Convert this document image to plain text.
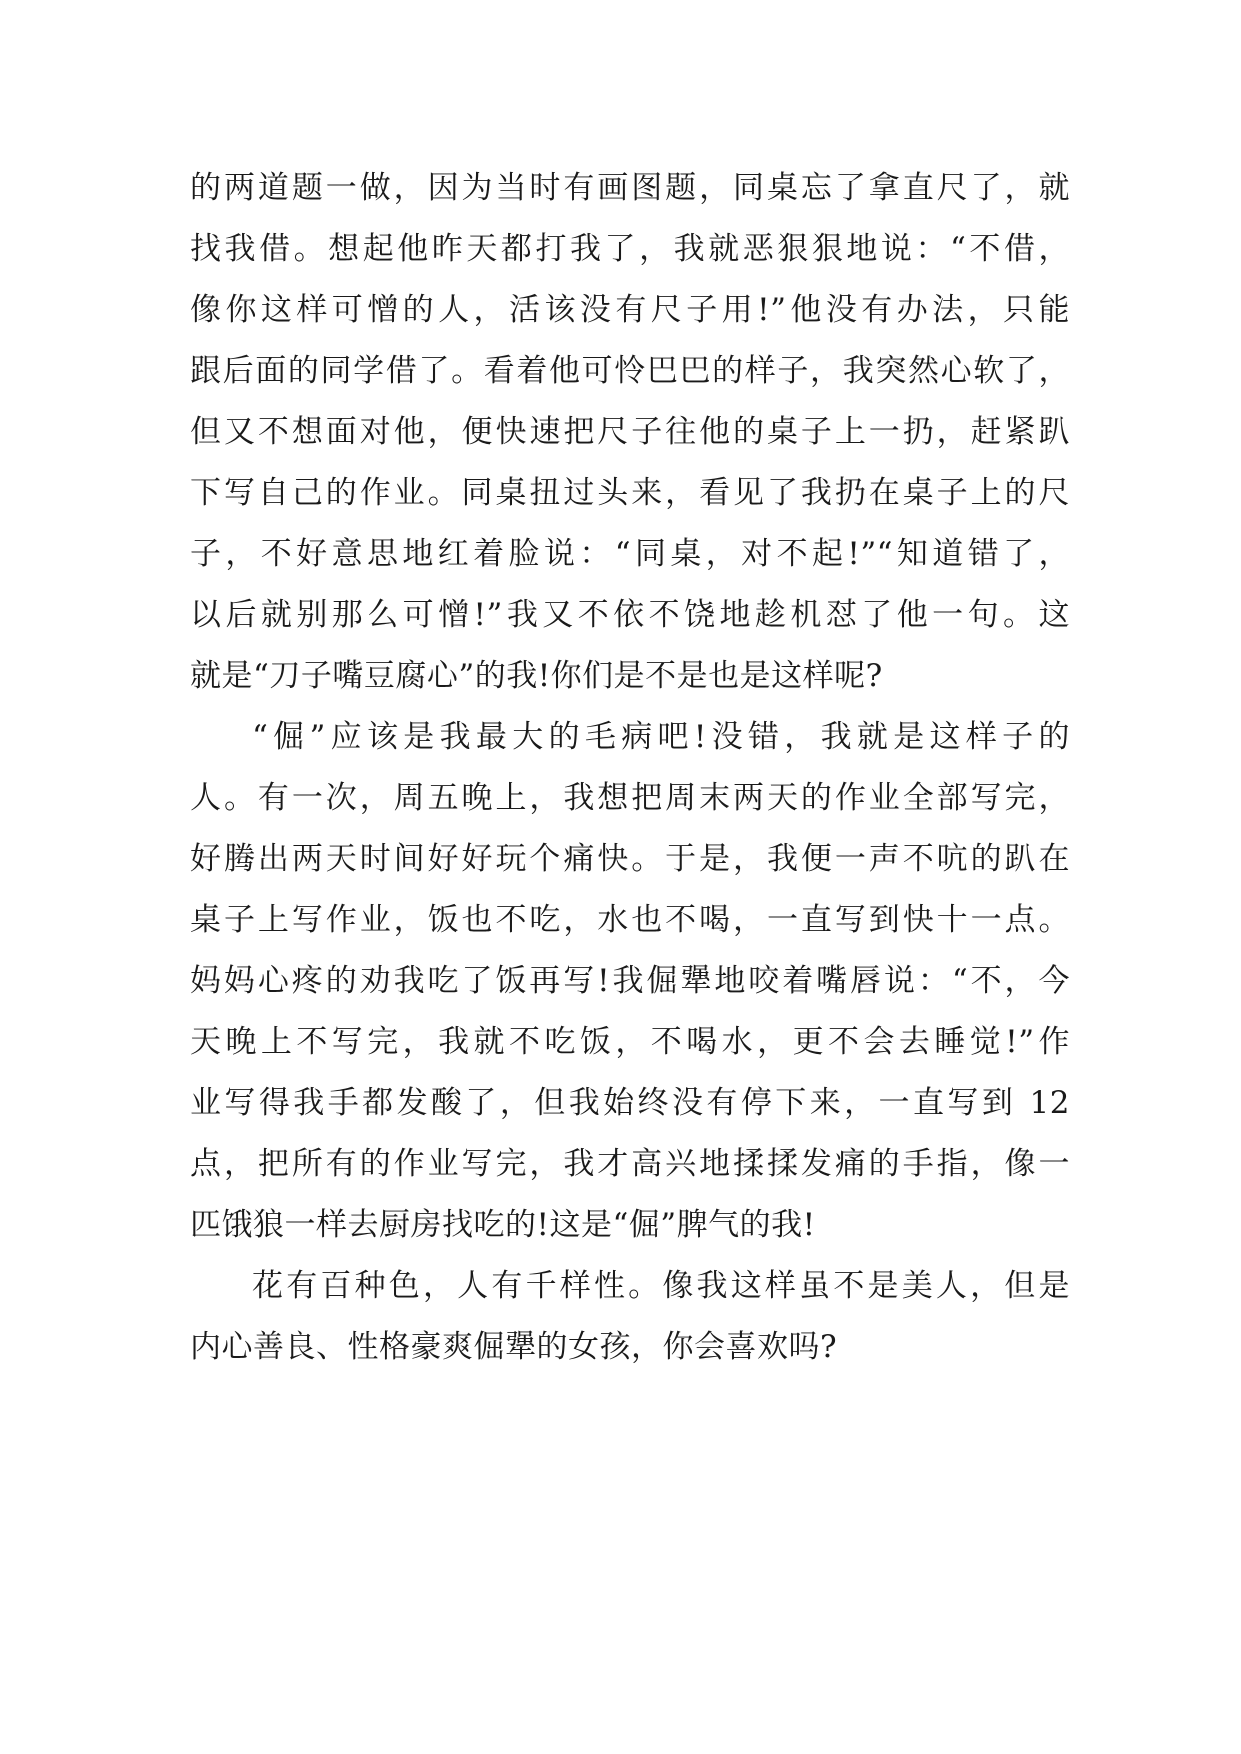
的两道题一做，因为当时有画图题，同桌忘了拿直尺了，就
找我借。想起他昨天都打我了，我就恶狠狠地说：“不借，
像你这样可憎的人，活该没有尺子用!”他没有办法，只能
跟后面的同学借了。看着他可怜巴巴的样子，我突然心软了，
但又不想面对他，便快速把尺子往他的桌子上一扔，赶紧趴
下写自己的作业。同桌扭过头来，看见了我扔在桌子上的尺
子，不好意思地红着脸说：“同桌，对不起!”“知道错了，
以后就别那么可憎!”我又不依不饶地趁机怼了他一句。这
就是“刀子嘴豆腐心”的我!你们是不是也是这样呢?
“倔”应该是我最大的毛病吧!没错，我就是这样子的
人。有一次，周五晚上，我想把周末两天的作业全部写完，
好腾出两天时间好好玩个痛快。于是，我便一声不吭的趴在
桌子上写作业，饭也不吃，水也不喝，一直写到快十一点。
妈妈心疼的劝我吃了饭再写!我倔犟地咬着嘴唇说：“不，今
天晚上不写完，我就不吃饭，不喝水，更不会去睡觉!”作
业写得我手都发酸了，但我始终没有停下来，一直写到 12
点，把所有的作业写完，我才高兴地揉揉发痛的手指，像一
匹饿狼一样去厨房找吃的!这是“倔”脾气的我!
花有百种色，人有千样性。像我这样虽不是美人，但是
内心善良、性格豪爽倔犟的女孩，你会喜欢吗?
